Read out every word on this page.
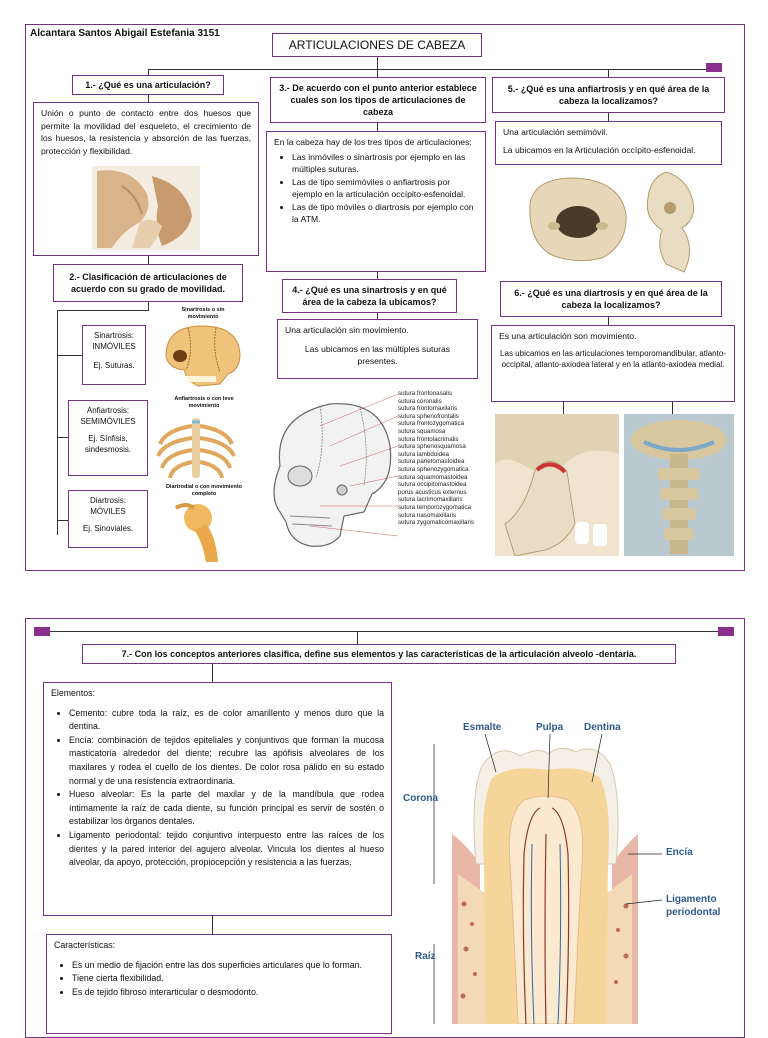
Alcantara Santos Abigail Estefania 3151
ARTICULACIONES DE CABEZA
1.- ¿Qué es una articulación?
Unión o punto de contacto entre dos huesos que permite la movilidad del esqueleto, el crecimiento de los huesos, la resistencia y absorción de las fuerzas, protección y flexibilidad.
2.- Clasificación de articulaciones de acuerdo con su grado de movilidad.
Sinartrosis:
INMÓVILES
Ej. Suturas.
Anfiartrosis:
SEMIMÓVILES
Ej. Sínfisis, sindesmosis.
Diartrosis:
MÓVILES
Ej. Sinoviales.
Sinartrosis o sin movimiento
Anfiartrosis o con leve movimiento
Diartrodial o con movimiento completo
3.- De acuerdo con el punto anterior establece cuales son los tipos de articulaciones de cabeza
En la cabeza hay de los tres tipos de articulaciones:
• Las inmóviles o sinartrosis por ejemplo en las múltiples suturas.
• Las de tipo semimóviles o anfiartrosis por ejemplo en la articulación occípito-esfenoidal.
• Las de tipo móviles o diartrosis por ejemplo con la ATM.
4.- ¿Qué es una sinartrosis y en qué área de la cabeza la ubicamos?
Una articulación sin movimiento.
Las ubicamos en las múltiples suturas presentes.
sutura frontonasalis
sutura coronalis
sutura frontomaxilaris
sutura sphenofrontalis
sutura frontozygomatica
sutura squamosa
sutura frontolacrimalis
sutura sphenosquamosa
sutura lambdoidea
sutura parietomastoidea
sutura sphenozygomatica
sutura squamomastoidea
sutura occipitomastoidea
porus acusticus externus
sutura lacrimomaxillaris
sutura temporozygomatica
sutura nasomaxillaris
sutura zygomaticomaxillaris
5.- ¿Qué es una anfiartrosis y en qué área de la cabeza la localizamos?
Una articulación semimóvil.
La ubicamos en la Articulación occípito-esfenoidal.
6.- ¿Qué es una diartrosis y en qué área de la cabeza la localizamos?
Es una articulación son movimiento.
Las ubicamos en las articulaciones temporomandibular, atlanto-occipital, atlanto-axiodea lateral y en la atlanto-axiodea medial.
7.- Con los conceptos anteriores clasifica, define sus elementos y las características de la articulación alveolo -dentaria.
Elementos:
• Cemento: cubre toda la raíz, es de color amarillento y menos duro que la dentina.
• Encía: combinación de tejidos epiteliales y conjuntivos que forman la mucosa masticatoria alrededor del diente; recubre las apófisis alveolares de los maxilares y rodea el cuello de los dientes. De color rosa pálido en su estado normal y de una resistencia extraordinaria.
• Hueso alveolar: Es la parte del maxilar y de la mandíbula que rodea íntimamente la raíz de cada diente, su función principal es servir de sostén o estabilizar los órganos dentales.
• Ligamento periodontal: tejido conjuntivo interpuesto entre las raíces de los dientes y la pared interior del agujero alveolar. Vincula los dientes al hueso alveolar, da apoyo, protección, propiocepción y resistencia a las fuerzas.
Características:
• Es un medio de fijación entre las dos superficies articulares que lo forman.
• Tiene cierta flexibilidad.
• Es de tejido fibroso interarticular o desmodonto.
Esmalte	Pulpa Dentina
Corona
Raíz
Encía
Ligamento periodontal
